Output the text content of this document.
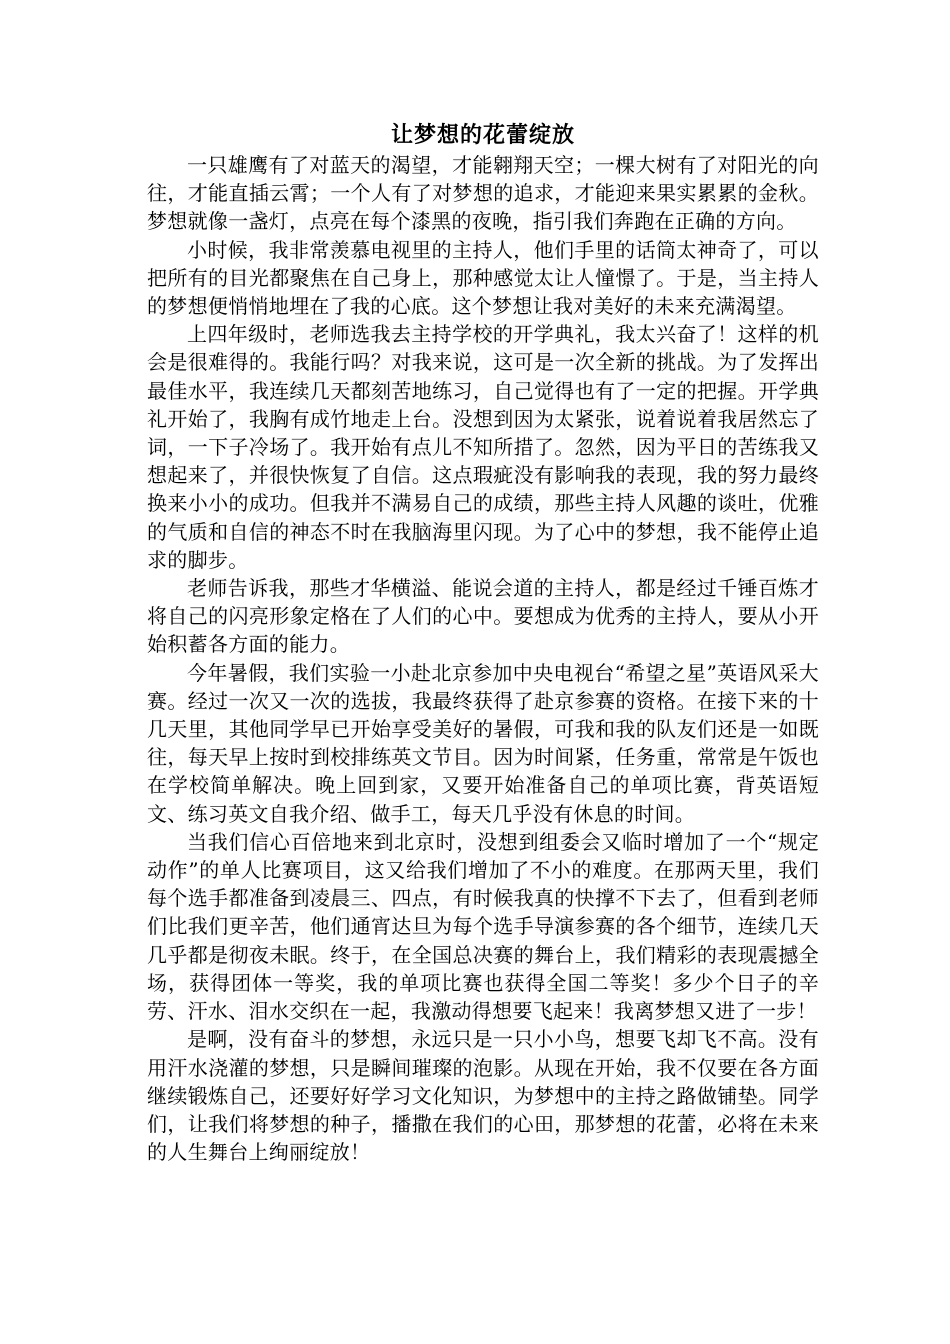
让梦想的花蕾绽放

一只雄鹰有了对蓝天的渴望，才能翱翔天空；一棵大树有了对阳光的向往，才能直插云霄；一个人有了对梦想的追求，才能迎来果实累累的金秋。梦想就像一盏灯，点亮在每个漆黑的夜晚，指引我们奔跑在正确的方向。

小时候，我非常羡慕电视里的主持人，他们手里的话筒太神奇了，可以把所有的目光都聚焦在自己身上，那种感觉太让人憧憬了。于是，当主持人的梦想便悄悄地埋在了我的心底。这个梦想让我对美好的未来充满渴望。

上四年级时，老师选我去主持学校的开学典礼，我太兴奋了！这样的机会是很难得的。我能行吗？对我来说，这可是一次全新的挑战。为了发挥出最佳水平，我连续几天都刻苦地练习，自己觉得也有了一定的把握。开学典礼开始了，我胸有成竹地走上台。没想到因为太紧张，说着说着我居然忘了词，一下子冷场了。我开始有点儿不知所措了。忽然，因为平日的苦练我又想起来了，并很快恢复了自信。这点瑕疵没有影响我的表现，我的努力最终换来小小的成功。但我并不满易自己的成绩，那些主持人风趣的谈吐，优雅的气质和自信的神态不时在我脑海里闪现。为了心中的梦想，我不能停止追求的脚步。

老师告诉我，那些才华横溢、能说会道的主持人，都是经过千锤百炼才将自己的闪亮形象定格在了人们的心中。要想成为优秀的主持人，要从小开始积蓄各方面的能力。

今年暑假，我们实验一小赴北京参加中央电视台“希望之星”英语风采大赛。经过一次又一次的选拔，我最终获得了赴京参赛的资格。在接下来的十几天里，其他同学早已开始享受美好的暑假，可我和我的队友们还是一如既往，每天早上按时到校排练英文节目。因为时间紧，任务重，常常是午饭也在学校简单解决。晚上回到家，又要开始准备自己的单项比赛，背英语短文、练习英文自我介绍、做手工，每天几乎没有休息的时间。

当我们信心百倍地来到北京时，没想到组委会又临时增加了一个“规定动作”的单人比赛项目，这又给我们增加了不小的难度。在那两天里，我们每个选手都准备到凌晨三、四点，有时候我真的快撑不下去了，但看到老师们比我们更辛苦，他们通宵达旦为每个选手导演参赛的各个细节，连续几天几乎都是彻夜未眠。终于，在全国总决赛的舞台上，我们精彩的表现震撼全场，获得团体一等奖，我的单项比赛也获得全国二等奖！多少个日子的辛劳、汗水、泪水交织在一起，我激动得想要飞起来！我离梦想又进了一步！

是啊，没有奋斗的梦想，永远只是一只小小鸟，想要飞却飞不高。没有用汗水浇灌的梦想，只是瞬间璀璨的泡影。从现在开始，我不仅要在各方面继续锻炼自己，还要好好学习文化知识，为梦想中的主持之路做铺垫。同学们，让我们将梦想的种子，播撒在我们的心田，那梦想的花蕾，必将在未来的人生舞台上绚丽绽放！
